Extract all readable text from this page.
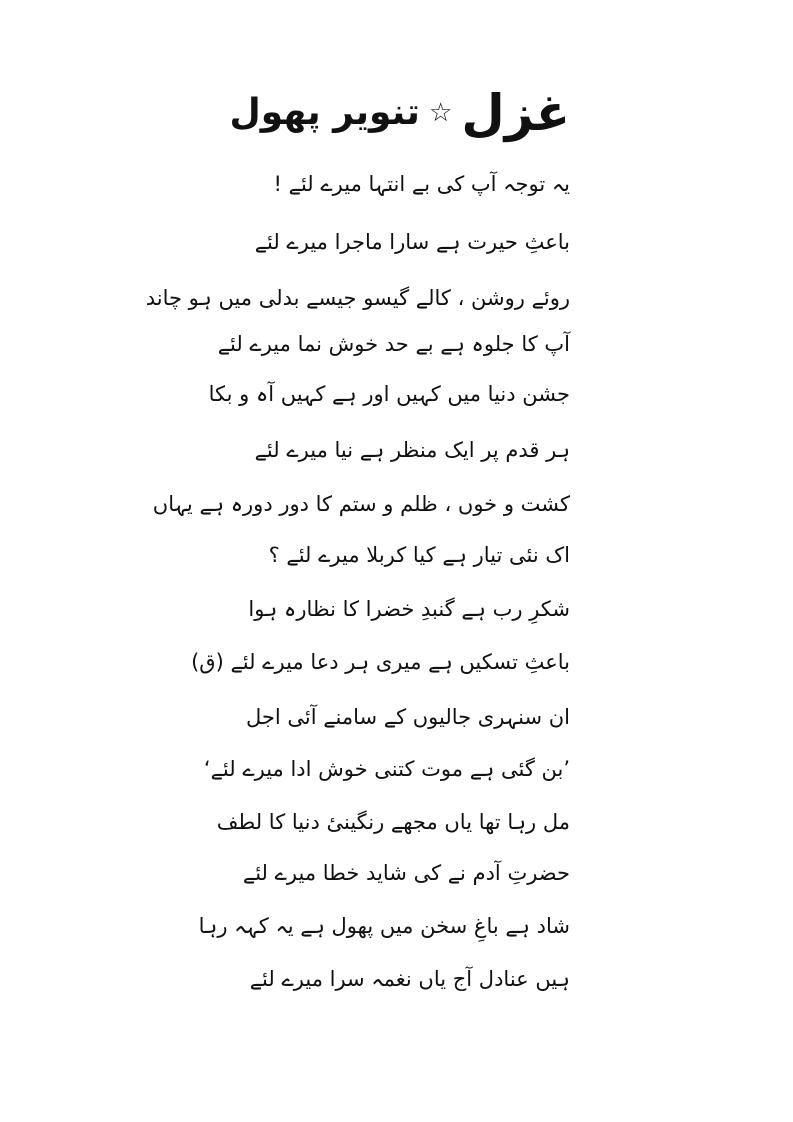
غزل ☆ تنویر پھول
یہ توجہ آپ کی بے انتہا میرے لئے !
باعثِ حیرت ہے سارا ماجرا میرے لئے
روئے روشن ، کالے گیسو جیسے بدلی میں ہو چاند
آپ کا جلوہ ہے بے حد خوش نما میرے لئے
جشن دنیا میں کہیں اور ہے کہیں آہ و بکا
ہر قدم پر ایک منظر ہے نیا میرے لئے
کشت و خوں ، ظلم و ستم کا دور دورہ ہے یہاں
اک نئی تیار ہے کیا کربلا میرے لئے ؟
شکرِ رب ہے گنبدِ خضرا کا نظارہ ہوا
باعثِ تسکیں ہے میری ہر دعا میرے لئے (ق)
ان سنہری جالیوں کے سامنے آئی اجل
’بن گئی ہے موت کتنی خوش ادا میرے لئے‘
مل رہا تھا یاں مجھے رنگینیٔ دنیا کا لطف
حضرتِ آدم نے کی شاید خطا میرے لئے
شاد ہے باغِ سخن میں پھول ہے یہ کہہ رہا
ہیں عنادل آج یاں نغمہ سرا میرے لئے
